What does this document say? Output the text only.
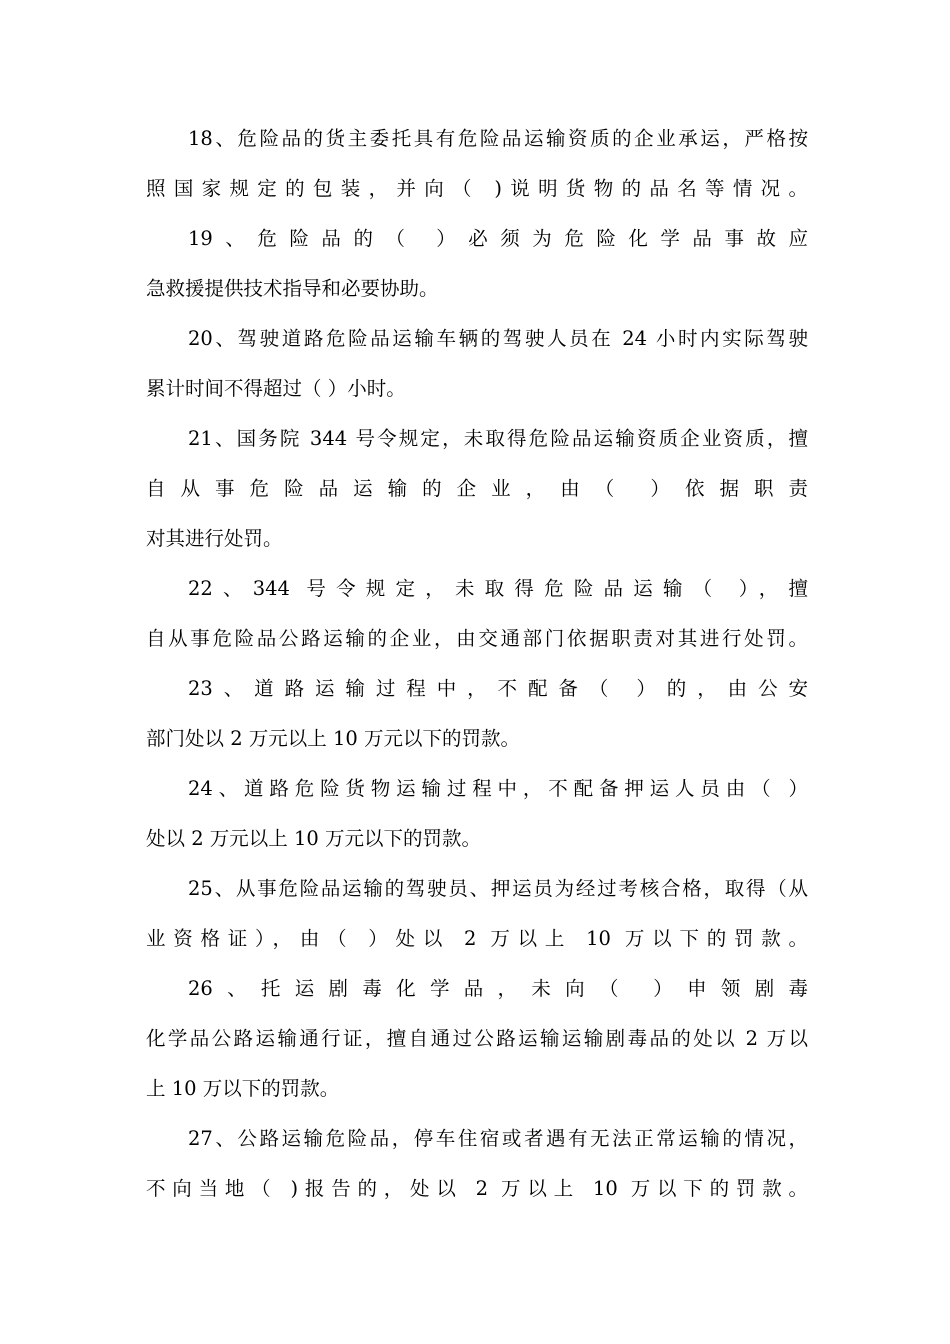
18、危险品的货主委托具有危险品运输资质的企业承运，严格按
照国家规定的包装，并向（ )说明货物的品名等情况。
19、危险品的（ ）必须为危险化学品事故应
急救援提供技术指导和必要协助。
20、驾驶道路危险品运输车辆的驾驶人员在 24 小时内实际驾驶
累计时间不得超过（ ）小时。
21、国务院 344 号令规定，未取得危险品运输资质企业资质，擅
自从事危险品运输的企业，由（ ）依据职责
对其进行处罚。
22、344 号令规定，未取得危险品运输（ ），擅
自从事危险品公路运输的企业，由交通部门依据职责对其进行处罚。
23、道路运输过程中，不配备（ ）的，由公安
部门处以 2 万元以上 10 万元以下的罚款。
24、道路危险货物运输过程中，不配备押运人员由（ ）
处以 2 万元以上 10 万元以下的罚款。
25、从事危险品运输的驾驶员、押运员为经过考核合格，取得（从
业资格证），由（ ）处以 2 万以上 10 万以下的罚款。
26、托运剧毒化学品，未向（ ）申领剧毒
化学品公路运输通行证，擅自通过公路运输运输剧毒品的处以 2 万以
上 10 万以下的罚款。
27、公路运输危险品，停车住宿或者遇有无法正常运输的情况，
不向当地（ )报告的，处以 2 万以上 10 万以下的罚款。
